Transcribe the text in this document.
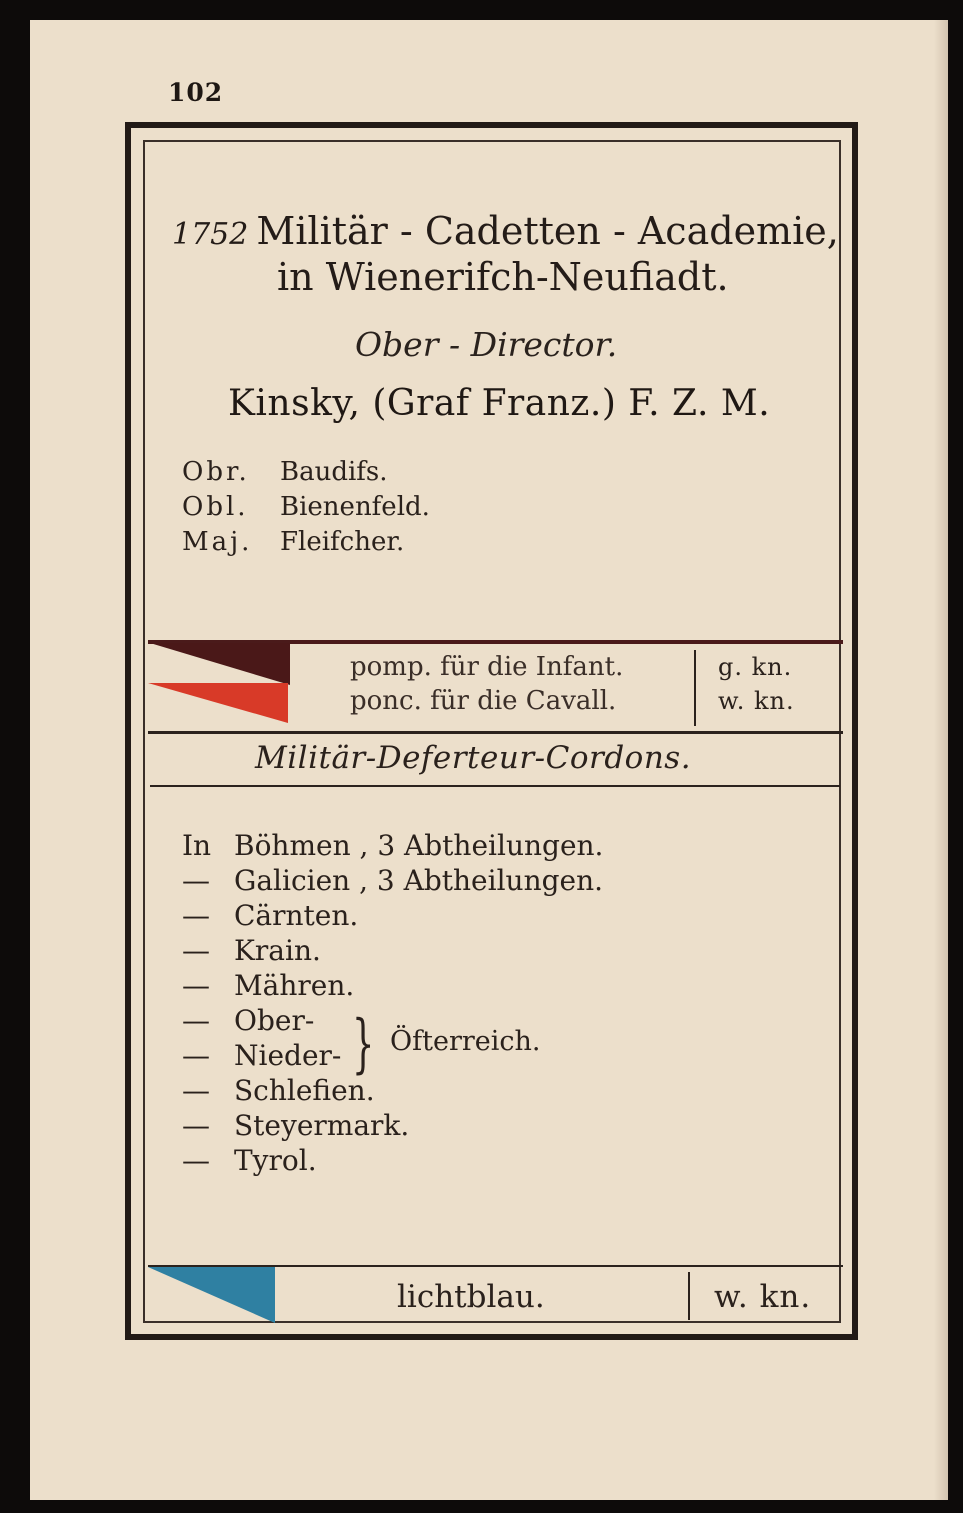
102
1752 Militär - Cadetten - Academie,
in Wienerifch-Neufiadt.
Ober - Director.
Kinsky, (Graf Franz.) F. Z. M.
Obr. Baudifs.
Obl. Bienenfeld.
Maj. Fleifcher.
pomp. für die Infant.
ponc. für die Cavall.
g. kn.
w. kn.
Militär-Deferteur-Cordons.
In Böhmen , 3 Abtheilungen.
— Galicien , 3 Abtheilungen.
— Cärnten.
— Krain.
— Mähren.
— Ober-
— Nieder-
— Schlefien.
— Steyermark.
— Tyrol.
} Öfterreich.
lichtblau.	w. kn.
